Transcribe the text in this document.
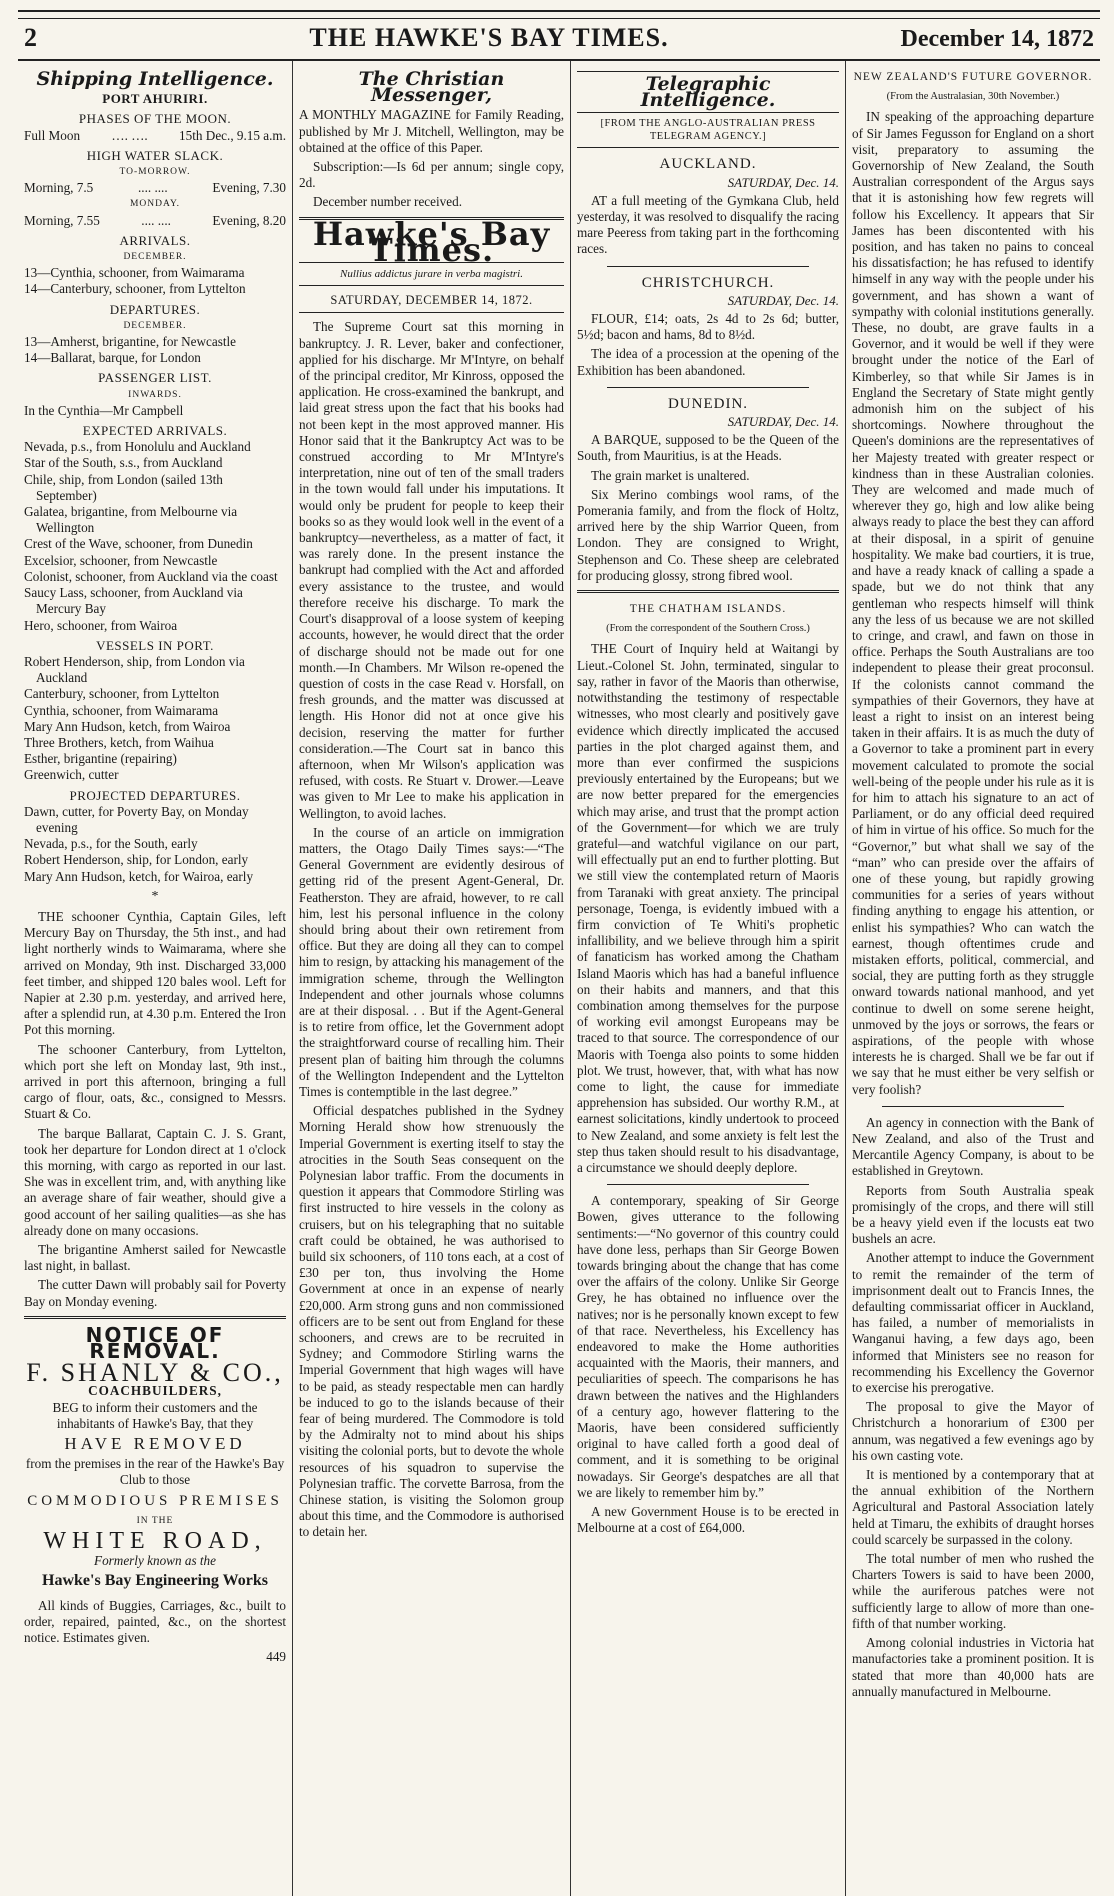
2	THE HAWKE'S BAY TIMES.	December 14, 1872
Shipping Intelligence.
PORT AHURIRI.
PHASES OF THE MOON.
Full Moon …. …. 15th Dec., 9.15 a.m.
HIGH WATER SLACK.
TO-MORROW.
Morning, 7.5	.... ....	Evening, 7.30
MONDAY.
Morning, 7.55	.... ....	Evening, 8.20
ARRIVALS.
DECEMBER.
13—Cynthia, schooner, from Waimarama
14—Canterbury, schooner, from Lyttelton
DEPARTURES.
DECEMBER.
13—Amherst, brigantine, for Newcastle
14—Ballarat, barque, for London
PASSENGER LIST.
INWARDS.
In the Cynthia—Mr Campbell
EXPECTED ARRIVALS.
Nevada, p.s., from Honolulu and Auckland
Star of the South, s.s., from Auckland
Chile, ship, from London (sailed 13th September)
Galatea, brigantine, from Melbourne via Wellington
Crest of the Wave, schooner, from Dunedin
Excelsior, schooner, from Newcastle
Colonist, schooner, from Auckland via the coast
Saucy Lass, schooner, from Auckland via Mercury Bay
Hero, schooner, from Wairoa
VESSELS IN PORT.
Robert Henderson, ship, from London via Auckland
Canterbury, schooner, from Lyttelton
Cynthia, schooner, from Waimarama
Mary Ann Hudson, ketch, from Wairoa
Three Brothers, ketch, from Waihua
Esther, brigantine (repairing)
Greenwich, cutter
PROJECTED DEPARTURES.
Dawn, cutter, for Poverty Bay, on Monday evening
Nevada, p.s., for the South, early
Robert Henderson, ship, for London, early
Mary Ann Hudson, ketch, for Wairoa, early
*

THE schooner Cynthia, Captain Giles, left Mercury Bay on Thursday, the 5th inst., and had light northerly winds to Waimarama, where she arrived on Monday, 9th inst. Discharged 33,000 feet timber, and shipped 120 bales wool. Left for Napier at 2.30 p.m. yesterday, and arrived here, after a splendid run, at 4.30 p.m. Entered the Iron Pot this morning.

The schooner Canterbury, from Lyttelton, which port she left on Monday last, 9th inst., arrived in port this afternoon, bringing a full cargo of flour, oats, &c., consigned to Messrs. Stuart & Co.

The barque Ballarat, Captain C. J. S. Grant, took her departure for London direct at 1 o'clock this morning, with cargo as reported in our last. She was in excellent trim, and, with anything like an average share of fair weather, should give a good account of her sailing qualities—as she has already done on many occasions.

The brigantine Amherst sailed for Newcastle last night, in ballast.

The cutter Dawn will probably sail for Poverty Bay on Monday evening.

NOTICE OF REMOVAL.
F. SHANLY & CO.,
COACHBUILDERS,

BEG to inform their customers and the inhabitants of Hawke's Bay, that they

HAVE REMOVED
from the premises in the rear of the Hawke's Bay Club to those
COMMODIOUS PREMISES
IN THE
WHITE ROAD,
Formerly known as the
Hawke's Bay Engineering Works

All kinds of Buggies, Carriages, &c., built to order, repaired, painted, &c., on the shortest notice. Estimates given.

449
The Christian Messenger,

A MONTHLY MAGAZINE for Family Reading, published by Mr J. Mitchell, Wellington, may be obtained at the office of this Paper.

Subscription:—Is 6d per annum; single copy, 2d.

December number received.

Hawke's Bay Times.
Nullius addictus jurare in verba magistri.
SATURDAY, DECEMBER 14, 1872.

The Supreme Court sat this morning in bankruptcy. J. R. Lever, baker and confectioner, applied for his discharge. Mr M'Intyre, on behalf of the principal creditor, Mr Kinross, opposed the application. He cross-examined the bankrupt, and laid great stress upon the fact that his books had not been kept in the most approved manner. His Honor said that it the Bankruptcy Act was to be construed according to Mr M'Intyre's interpretation, nine out of ten of the small traders in the town would fall under his imputations. It would only be prudent for people to keep their books so as they would look well in the event of a bankruptcy—nevertheless, as a matter of fact, it was rarely done. In the present instance the bankrupt had complied with the Act and afforded every assistance to the trustee, and would therefore receive his discharge. To mark the Court's disapproval of a loose system of keeping accounts, however, he would direct that the order of discharge should not be made out for one month.—In Chambers. Mr Wilson re-opened the question of costs in the case Read v. Horsfall, on fresh grounds, and the matter was discussed at length. His Honor did not at once give his decision, reserving the matter for further consideration.—The Court sat in banco this afternoon, when Mr Wilson's application was refused, with costs. Re Stuart v. Drower.—Leave was given to Mr Lee to make his application in Wellington, to avoid laches.

In the course of an article on immigration matters, the Otago Daily Times says:—“The General Government are evidently desirous of getting rid of the present Agent-General, Dr. Featherston. They are afraid, however, to re call him, lest his personal influence in the colony should bring about their own retirement from office. But they are doing all they can to compel him to resign, by attacking his management of the immigration scheme, through the Wellington Independent and other journals whose columns are at their disposal. . . But if the Agent-General is to retire from office, let the Government adopt the straightforward course of recalling him. Their present plan of baiting him through the columns of the Wellington Independent and the Lyttelton Times is contemptible in the last degree.”

Official despatches published in the Sydney Morning Herald show how strenuously the Imperial Government is exerting itself to stay the atrocities in the South Seas consequent on the Polynesian labor traffic. From the documents in question it appears that Commodore Stirling was first instructed to hire vessels in the colony as cruisers, but on his telegraphing that no suitable craft could be obtained, he was authorised to build six schooners, of 110 tons each, at a cost of £30 per ton, thus involving the Home Government at once in an expense of nearly £20,000. Arm strong guns and non commissioned officers are to be sent out from England for these schooners, and crews are to be recruited in Sydney; and Commodore Stirling warns the Imperial Government that high wages will have to be paid, as steady respectable men can hardly be induced to go to the islands because of their fear of being murdered. The Commodore is told by the Admiralty not to mind about his ships visiting the colonial ports, but to devote the whole resources of his squadron to supervise the Polynesian traffic. The corvette Barrosa, from the Chinese station, is visiting the Solomon group about this time, and the Commodore is authorised to detain her.

Telegraphic Intelligence.
[FROM THE ANGLO-AUSTRALIAN PRESS TELEGRAM AGENCY.]
AUCKLAND.
SATURDAY, Dec. 14.

AT a full meeting of the Gymkana Club, held yesterday, it was resolved to disqualify the racing mare Peeress from taking part in the forthcoming races.

CHRISTCHURCH.
SATURDAY, Dec. 14.

FLOUR, £14; oats, 2s 4d to 2s 6d; butter, 5½d; bacon and hams, 8d to 8½d.

The idea of a procession at the opening of the Exhibition has been abandoned.

DUNEDIN.
SATURDAY, Dec. 14.

A BARQUE, supposed to be the Queen of the South, from Mauritius, is at the Heads.

The grain market is unaltered.

Six Merino combings wool rams, of the Pomerania family, and from the flock of Holtz, arrived here by the ship Warrior Queen, from London. They are consigned to Wright, Stephenson and Co. These sheep are celebrated for producing glossy, strong fibred wool.

THE CHATHAM ISLANDS.
(From the correspondent of the Southern Cross.)

THE Court of Inquiry held at Waitangi by Lieut.-Colonel St. John, terminated, singular to say, rather in favor of the Maoris than otherwise, notwithstanding the testimony of respectable witnesses, who most clearly and positively gave evidence which directly implicated the accused parties in the plot charged against them, and more than ever confirmed the suspicions previously entertained by the Europeans; but we are now better prepared for the emergencies which may arise, and trust that the prompt action of the Government—for which we are truly grateful—and watchful vigilance on our part, will effectually put an end to further plotting. But we still view the contemplated return of Maoris from Taranaki with great anxiety. The principal personage, Toenga, is evidently imbued with a firm conviction of Te Whiti's prophetic infallibility, and we believe through him a spirit of fanaticism has worked among the Chatham Island Maoris which has had a baneful influence on their habits and manners, and that this combination among themselves for the purpose of working evil amongst Europeans may be traced to that source. The correspondence of our Maoris with Toenga also points to some hidden plot. We trust, however, that, with what has now come to light, the cause for immediate apprehension has subsided. Our worthy R.M., at earnest solicitations, kindly undertook to proceed to New Zealand, and some anxiety is felt lest the step thus taken should result to his disadvantage, a circumstance we should deeply deplore.

A contemporary, speaking of Sir George Bowen, gives utterance to the following sentiments:—“No governor of this country could have done less, perhaps than Sir George Bowen towards bringing about the change that has come over the affairs of the colony. Unlike Sir George Grey, he has obtained no influence over the natives; nor is he personally known except to few of that race. Nevertheless, his Excellency has endeavored to make the Home authorities acquainted with the Maoris, their manners, and peculiarities of speech. The comparisons he has drawn between the natives and the Highlanders of a century ago, however flattering to the Maoris, have been considered sufficiently original to have called forth a good deal of comment, and it is something to be original nowadays. Sir George's despatches are all that we are likely to remember him by.”

A new Government House is to be erected in Melbourne at a cost of £64,000.

NEW ZEALAND'S FUTURE GOVERNOR.
(From the Australasian, 30th November.)

IN speaking of the approaching departure of Sir James Fegusson for England on a short visit, preparatory to assuming the Governorship of New Zealand, the South Australian correspondent of the Argus says that it is astonishing how few regrets will follow his Excellency. It appears that Sir James has been discontented with his position, and has taken no pains to conceal his dissatisfaction; he has refused to identify himself in any way with the people under his government, and has shown a want of sympathy with colonial institutions generally. These, no doubt, are grave faults in a Governor, and it would be well if they were brought under the notice of the Earl of Kimberley, so that while Sir James is in England the Secretary of State might gently admonish him on the subject of his shortcomings. Nowhere throughout the Queen's dominions are the representatives of her Majesty treated with greater respect or kindness than in these Australian colonies. They are welcomed and made much of wherever they go, high and low alike being always ready to place the best they can afford at their disposal, in a spirit of genuine hospitality. We make bad courtiers, it is true, and have a ready knack of calling a spade a spade, but we do not think that any gentleman who respects himself will think any the less of us because we are not skilled to cringe, and crawl, and fawn on those in office. Perhaps the South Australians are too independent to please their great proconsul. If the colonists cannot command the sympathies of their Governors, they have at least a right to insist on an interest being taken in their affairs. It is as much the duty of a Governor to take a prominent part in every movement calculated to promote the social well-being of the people under his rule as it is for him to attach his signature to an act of Parliament, or do any official deed required of him in virtue of his office. So much for the “Governor,” but what shall we say of the “man” who can preside over the affairs of one of these young, but rapidly growing communities for a series of years without finding anything to engage his attention, or enlist his sympathies? Who can watch the earnest, though oftentimes crude and mistaken efforts, political, commercial, and social, they are putting forth as they struggle onward towards national manhood, and yet continue to dwell on some serene height, unmoved by the joys or sorrows, the fears or aspirations, of the people with whose interests he is charged. Shall we be far out if we say that he must either be very selfish or very foolish?

An agency in connection with the Bank of New Zealand, and also of the Trust and Mercantile Agency Company, is about to be established in Greytown.

Reports from South Australia speak promisingly of the crops, and there will still be a heavy yield even if the locusts eat two bushels an acre.

Another attempt to induce the Government to remit the remainder of the term of imprisonment dealt out to Francis Innes, the defaulting commissariat officer in Auckland, has failed, a number of memorialists in Wanganui having, a few days ago, been informed that Ministers see no reason for recommending his Excellency the Governor to exercise his prerogative.

The proposal to give the Mayor of Christchurch a honorarium of £300 per annum, was negatived a few evenings ago by his own casting vote.

It is mentioned by a contemporary that at the annual exhibition of the Northern Agricultural and Pastoral Association lately held at Timaru, the exhibits of draught horses could scarcely be surpassed in the colony.

The total number of men who rushed the Charters Towers is said to have been 2000, while the auriferous patches were not sufficiently large to allow of more than one-fifth of that number working.

Among colonial industries in Victoria hat manufactories take a prominent position. It is stated that more than 40,000 hats are annually manufactured in Melbourne.
